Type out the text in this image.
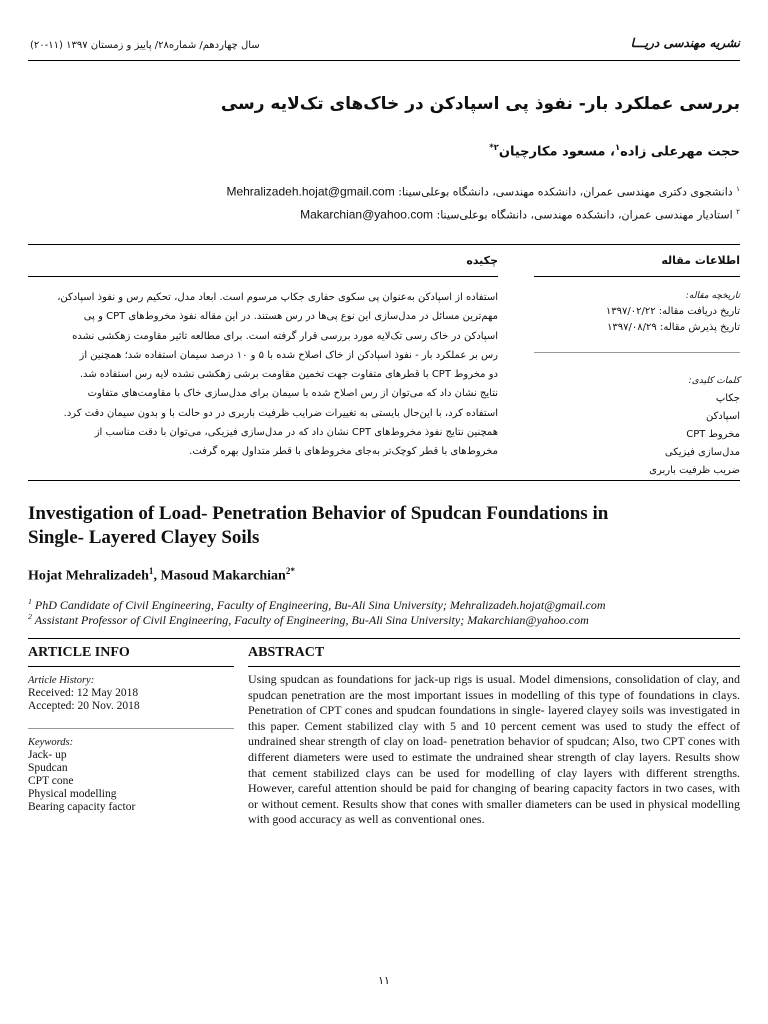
نشریه مهندسی دریـــا
سال چهاردهم/ شماره۲۸/ پاییز و زمستان ۱۳۹۷ (۱۱-۲۰)
بررسی عملکرد بار- نفوذ پی اسپادکن در خاک‌های تک‌لایه رسی
حجت مهرعلی زاده$^۱$، مسعود مکارچیان$^{۲*}$
$^۱$ دانشجوی دکتری مهندسی عمران، دانشکده مهندسی، دانشگاه بوعلی‌سینا: Mehralizadeh.hojat@gmail.com
$^۲$ استادیار مهندسی عمران، دانشکده مهندسی، دانشگاه بوعلی‌سینا: Makarchian@yahoo.com
اطلاعات مقاله
چکیده
تاریخچه مقاله:
تاریخ دریافت مقاله: ۱۳۹۷/۰۲/۲۲
تاریخ پذیرش مقاله: ۱۳۹۷/۰۸/۲۹
کلمات کلیدی:
جکاپ
اسپادکن
مخروط CPT
مدل‌سازی فیزیکی
ضریب ظرفیت باربری
استفاده از اسپادکن به‌عنوان پی سکوی حفاری جکاپ مرسوم است. ابعاد مدل، تحکیم رس و نفوذ اسپادکن،
مهم‌ترین مسائل در مدل‌سازی این نوع پی‌ها در رس هستند. در این مقاله نفوذ مخروط‌های CPT و پی
اسپادکن در خاک رسی تک‌لایه مورد بررسی قرار گرفته است. برای مطالعه تاثیر مقاومت زهکشی نشده
رس بر عملکرد بار - نفوذ اسپادکن از خاک اصلاح شده با ۵ و ۱۰ درصد سیمان استفاده شد؛ همچنین از
دو مخروط CPT با قطرهای متفاوت جهت تخمین مقاومت برشی زهکشی نشده لایه رس استفاده شد.
نتایج نشان داد که می‌توان از رس اصلاح شده با سیمان برای مدل‌سازی خاک با مقاومت‌های متفاوت
استفاده کرد، با این‌حال بایستی به تغییرات ضرایب ظرفیت باربری در دو حالت با و بدون سیمان دقت کرد.
همچنین نتایج نفوذ مخروط‌های CPT نشان داد که در مدل‌سازی فیزیکی، می‌توان با دقت مناسب از
مخروط‌های با قطر کوچک‌تر به‌جای مخروط‌های با قطر متداول بهره گرفت.
Investigation of Load- Penetration Behavior of Spudcan Foundations in
Single- Layered Clayey Soils
Hojat Mehralizadeh$^1$, Masoud Makarchian$^{2*}$
$^1$ PhD Candidate of Civil Engineering, Faculty of Engineering, Bu-Ali Sina University; Mehralizadeh.hojat@gmail.com
$^2$ Assistant Professor of Civil Engineering, Faculty of Engineering, Bu-Ali Sina University; Makarchian@yahoo.com
ARTICLE INFO	ABSTRACT
Article History:
Received: 12 May 2018
Accepted: 20 Nov. 2018
Keywords:
Jack- up
Spudcan
CPT cone
Physical modelling
Bearing capacity factor
Using spudcan as foundations for jack-up rigs is usual. Model dimensions, consolidation of clay, and spudcan penetration are the most important issues in modelling of this type of foundations in clays. Penetration of CPT cones and spudcan foundations in single- layered clayey soils was investigated in this paper. Cement stabilized clay with 5 and 10 percent cement was used to study the effect of undrained shear strength of clay on load- penetration behavior of spudcan; Also, two CPT cones with different diameters were used to estimate the undrained shear strength of clay layers. Results show that cement stabilized clays can be used for modelling of clay layers with different strengths. However, careful attention should be paid for changing of bearing capacity factors in two cases, with or without cement. Results show that cones with smaller diameters can be used in physical modelling with good accuracy as well as conventional ones.
۱۱
